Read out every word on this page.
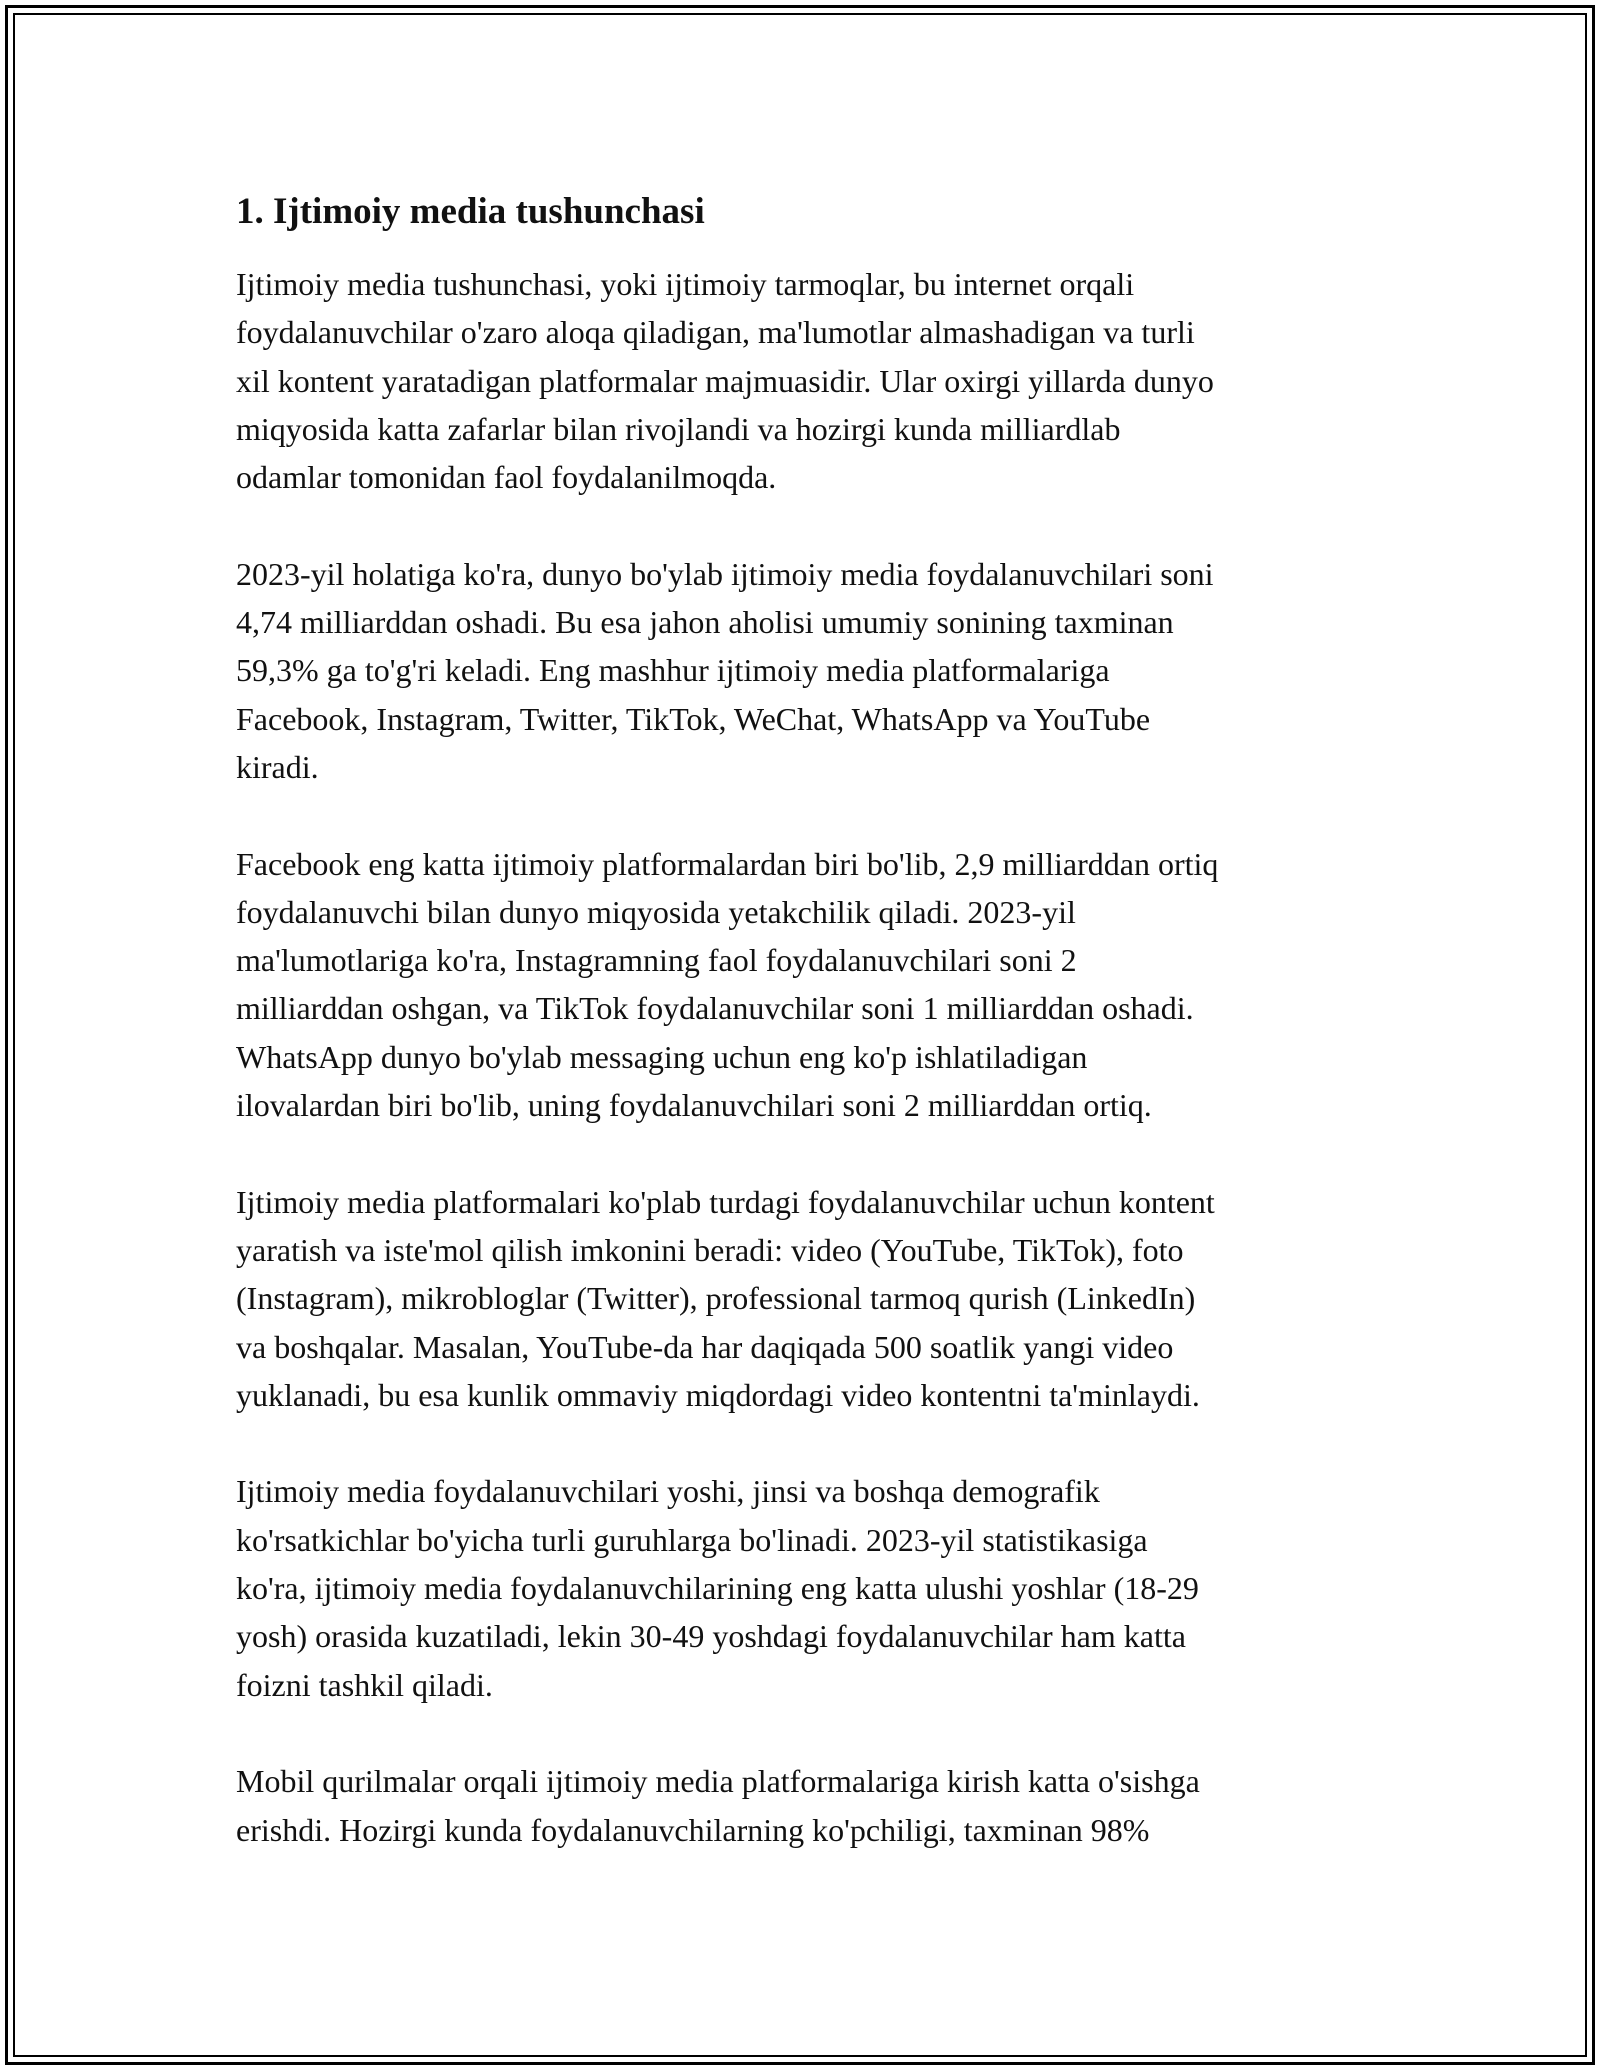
1. Ijtimoiy media tushunchasi

Ijtimoiy media tushunchasi, yoki ijtimoiy tarmoqlar, bu internet orqali
foydalanuvchilar o'zaro aloqa qiladigan, ma'lumotlar almashadigan va turli
xil kontent yaratadigan platformalar majmuasidir. Ular oxirgi yillarda dunyo
miqyosida katta zafarlar bilan rivojlandi va hozirgi kunda milliardlab
odamlar tomonidan faol foydalanilmoqda.

2023-yil holatiga ko'ra, dunyo bo'ylab ijtimoiy media foydalanuvchilari soni
4,74 milliarddan oshadi. Bu esa jahon aholisi umumiy sonining taxminan
59,3% ga to'g'ri keladi. Eng mashhur ijtimoiy media platformalariga
Facebook, Instagram, Twitter, TikTok, WeChat, WhatsApp va YouTube
kiradi.

Facebook eng katta ijtimoiy platformalardan biri bo'lib, 2,9 milliarddan ortiq
foydalanuvchi bilan dunyo miqyosida yetakchilik qiladi. 2023-yil
ma'lumotlariga ko'ra, Instagramning faol foydalanuvchilari soni 2
milliarddan oshgan, va TikTok foydalanuvchilar soni 1 milliarddan oshadi.
WhatsApp dunyo bo'ylab messaging uchun eng ko'p ishlatiladigan
ilovalardan biri bo'lib, uning foydalanuvchilari soni 2 milliarddan ortiq.

Ijtimoiy media platformalari ko'plab turdagi foydalanuvchilar uchun kontent
yaratish va iste'mol qilish imkonini beradi: video (YouTube, TikTok), foto
(Instagram), mikrobloglar (Twitter), professional tarmoq qurish (LinkedIn)
va boshqalar. Masalan, YouTube-da har daqiqada 500 soatlik yangi video
yuklanadi, bu esa kunlik ommaviy miqdordagi video kontentni ta'minlaydi.

Ijtimoiy media foydalanuvchilari yoshi, jinsi va boshqa demografik
ko'rsatkichlar bo'yicha turli guruhlarga bo'linadi. 2023-yil statistikasiga
ko'ra, ijtimoiy media foydalanuvchilarining eng katta ulushi yoshlar (18-29
yosh) orasida kuzatiladi, lekin 30-49 yoshdagi foydalanuvchilar ham katta
foizni tashkil qiladi.

Mobil qurilmalar orqali ijtimoiy media platformalariga kirish katta o'sishga
erishdi. Hozirgi kunda foydalanuvchilarning ko'pchiligi, taxminan 98%
